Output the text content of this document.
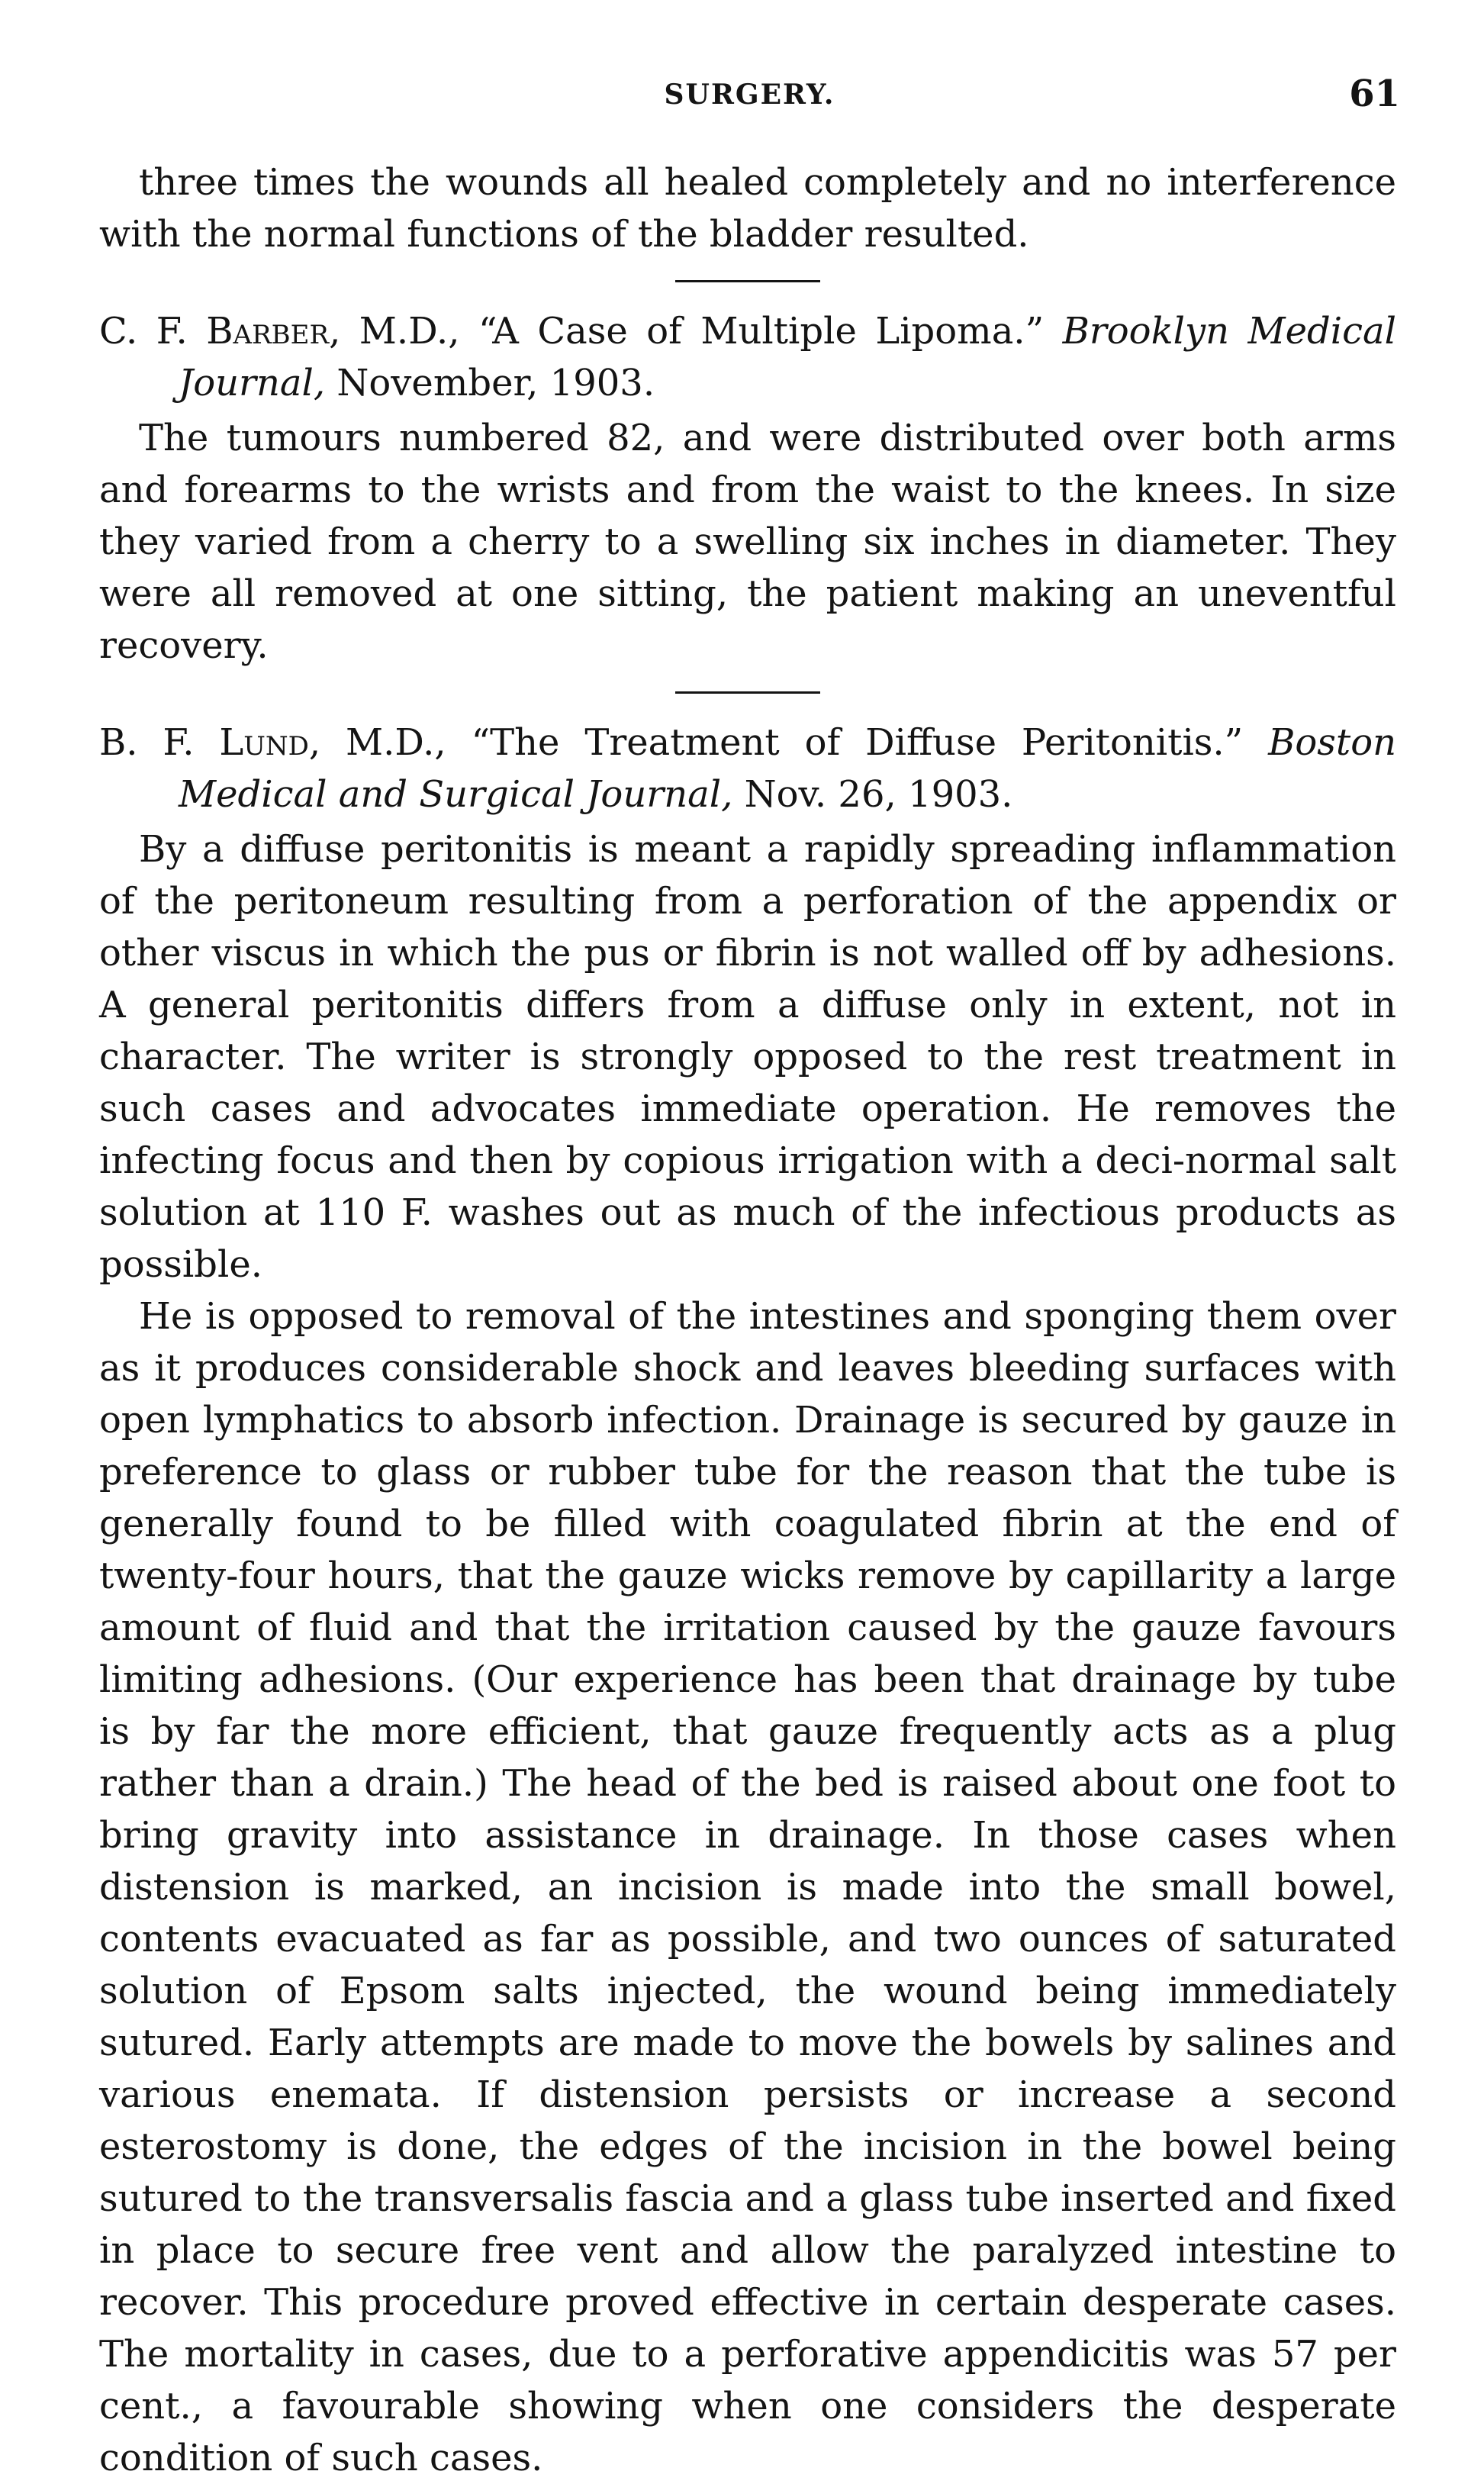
SURGERY.	61

three times the wounds all healed completely and no interference with the normal functions of the bladder resulted.

C. F. Barber, M.D., “A Case of Multiple Lipoma.” Brooklyn Medical Journal, November, 1903.

The tumours numbered 82, and were distributed over both arms and forearms to the wrists and from the waist to the knees. In size they varied from a cherry to a swelling six inches in diameter. They were all removed at one sitting, the patient making an uneventful recovery.

B. F. Lund, M.D., “The Treatment of Diffuse Peritonitis.” Boston Medical and Surgical Journal, Nov. 26, 1903.

By a diffuse peritonitis is meant a rapidly spreading inflammation of the peritoneum resulting from a perforation of the appendix or other viscus in which the pus or fibrin is not walled off by adhesions. A general peritonitis differs from a diffuse only in extent, not in character. The writer is strongly opposed to the rest treatment in such cases and advocates immediate operation. He removes the infecting focus and then by copious irrigation with a deci-normal salt solution at 110 F. washes out as much of the infectious products as possible.

He is opposed to removal of the intestines and sponging them over as it produces considerable shock and leaves bleeding surfaces with open lymphatics to absorb infection. Drainage is secured by gauze in preference to glass or rubber tube for the reason that the tube is generally found to be filled with coagulated fibrin at the end of twenty-four hours, that the gauze wicks remove by capillarity a large amount of fluid and that the irritation caused by the gauze favours limiting adhesions. (Our experience has been that drainage by tube is by far the more efficient, that gauze frequently acts as a plug rather than a drain.) The head of the bed is raised about one foot to bring gravity into assistance in drainage. In those cases when distension is marked, an incision is made into the small bowel, contents evacuated as far as possible, and two ounces of saturated solution of Epsom salts injected, the wound being immediately sutured. Early attempts are made to move the bowels by salines and various enemata. If distension persists or increase a second esterostomy is done, the edges of the incision in the bowel being sutured to the transversalis fascia and a glass tube inserted and fixed in place to secure free vent and allow the paralyzed intestine to recover. This procedure proved effective in certain desperate cases. The mortality in cases, due to a perforative appendicitis was 57 per cent., a favourable showing when one considers the desperate condition of such cases.
